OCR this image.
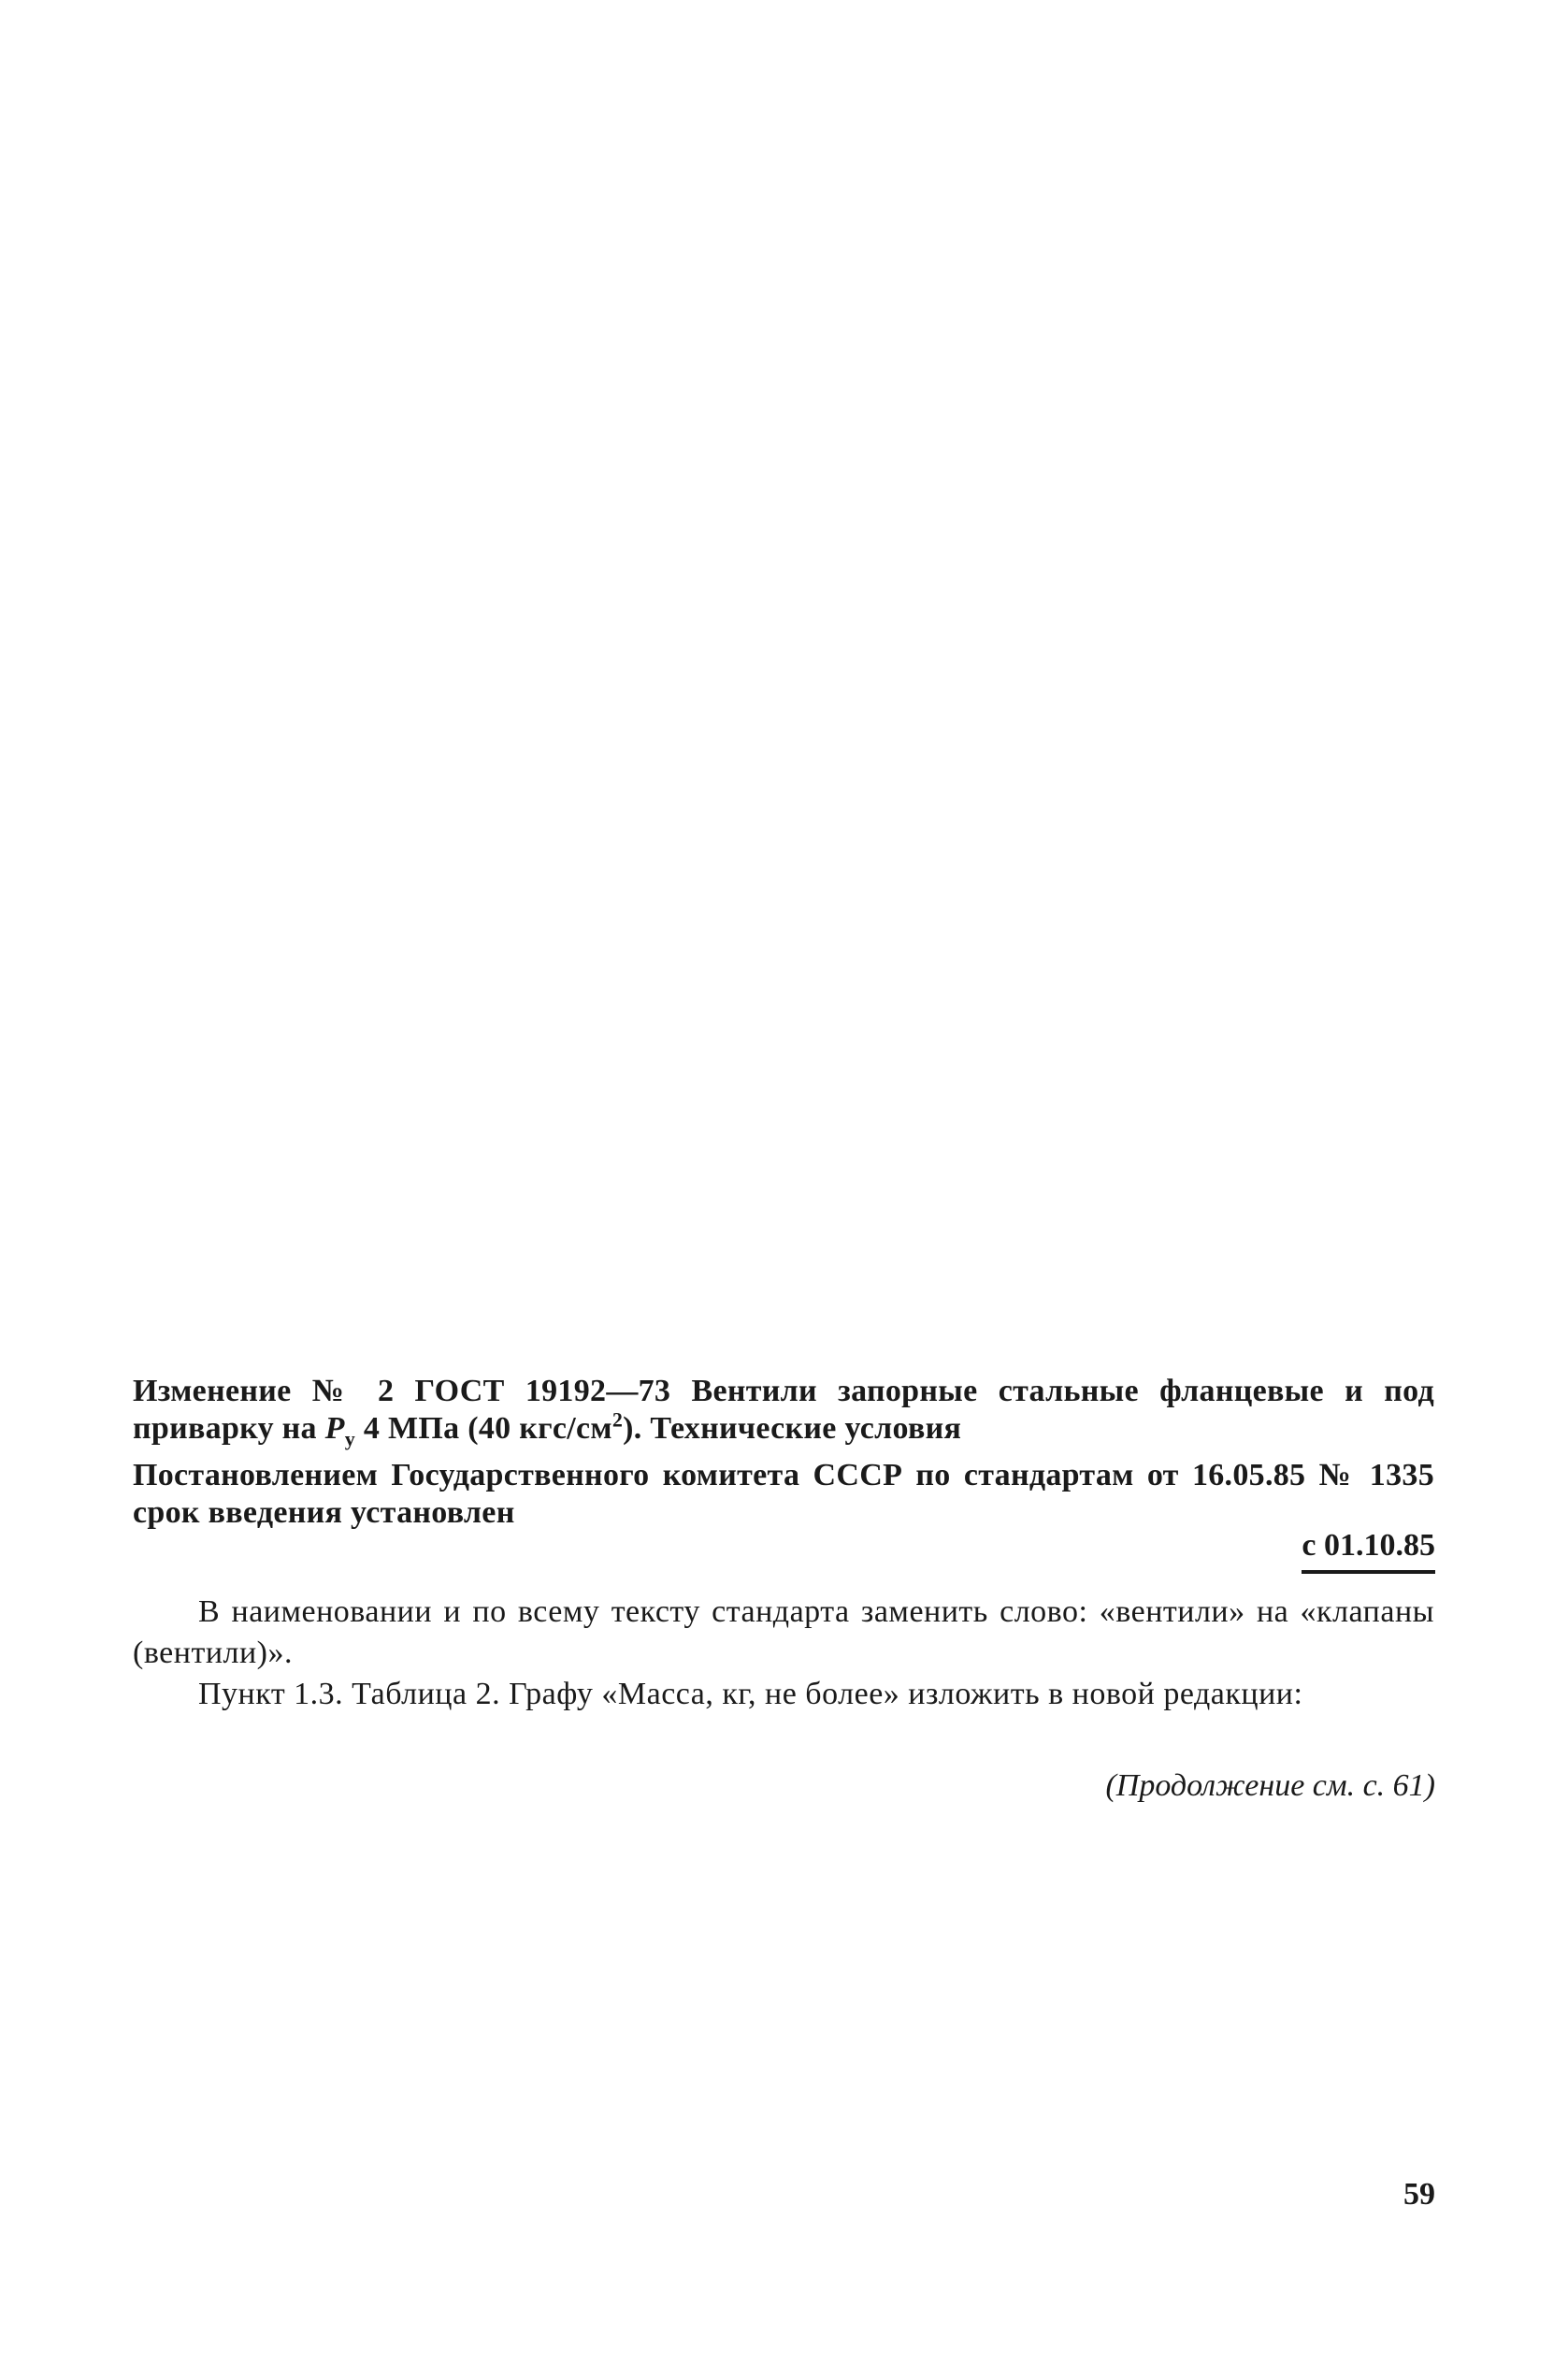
Изменение № 2 ГОСТ 19192—73 Вентили запорные стальные фланцевые и под приварку на $P_у$ 4 МПа (40 кгс/$см^2$). Технические условия
Постановлением Государственного комитета СССР по стандартам от 16.05.85 № 1335 срок введения установлен
с 01.10.85
В наименовании и по всему тексту стандарта заменить слово: «вентили» на «клапаны (вентили)».
Пункт 1.3. Таблица 2. Графу «Масса, кг, не более» изложить в новой редакции:
(Продолжение см. с. 61)
59
